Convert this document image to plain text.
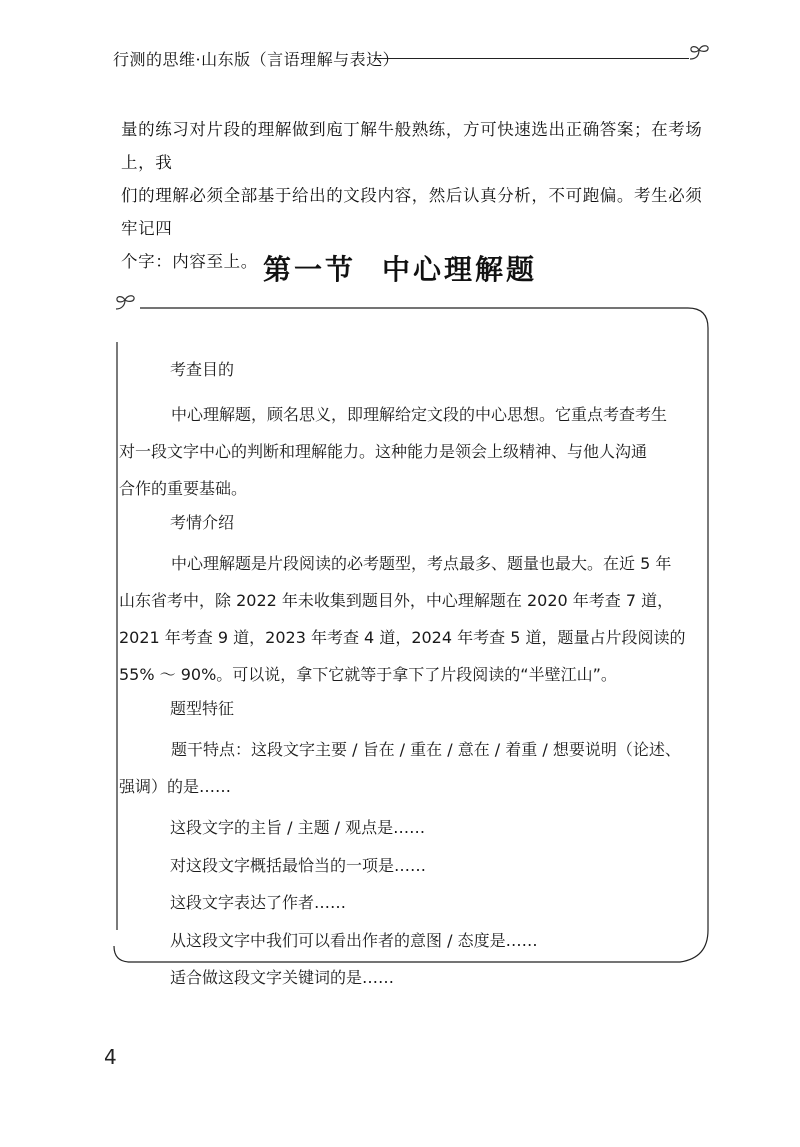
行测的思维·山东版（言语理解与表达）

量的练习对片段的理解做到庖丁解牛般熟练，方可快速选出正确答案；在考场上，我

们的理解必须全部基于给出的文段内容，然后认真分析，不可跑偏。考生必须牢记四

个字：内容至上。 第一节 中心理解题

考查目的

中心理解题，顾名思义，即理解给定文段的中心思想。它重点考查考生

对一段文字中心的判断和理解能力。这种能力是领会上级精神、与他人沟通

合作的重要基础。

考情介绍

中心理解题是片段阅读的必考题型，考点最多、题量也最大。在近 5 年

山东省考中，除 2022 年未收集到题目外，中心理解题在 2020 年考查 7 道，

2021 年考查 9 道，2023 年考查 4 道，2024 年考查 5 道，题量占片段阅读的

55% ～ 90%。可以说，拿下它就等于拿下了片段阅读的“半壁江山”。

题型特征

题干特点：这段文字主要 / 旨在 / 重在 / 意在 / 着重 / 想要说明（论述、

强调）的是……

这段文字的主旨 / 主题 / 观点是……

对这段文字概括最恰当的一项是……

这段文字表达了作者……

从这段文字中我们可以看出作者的意图 / 态度是……

适合做这段文字关键词的是……

4
